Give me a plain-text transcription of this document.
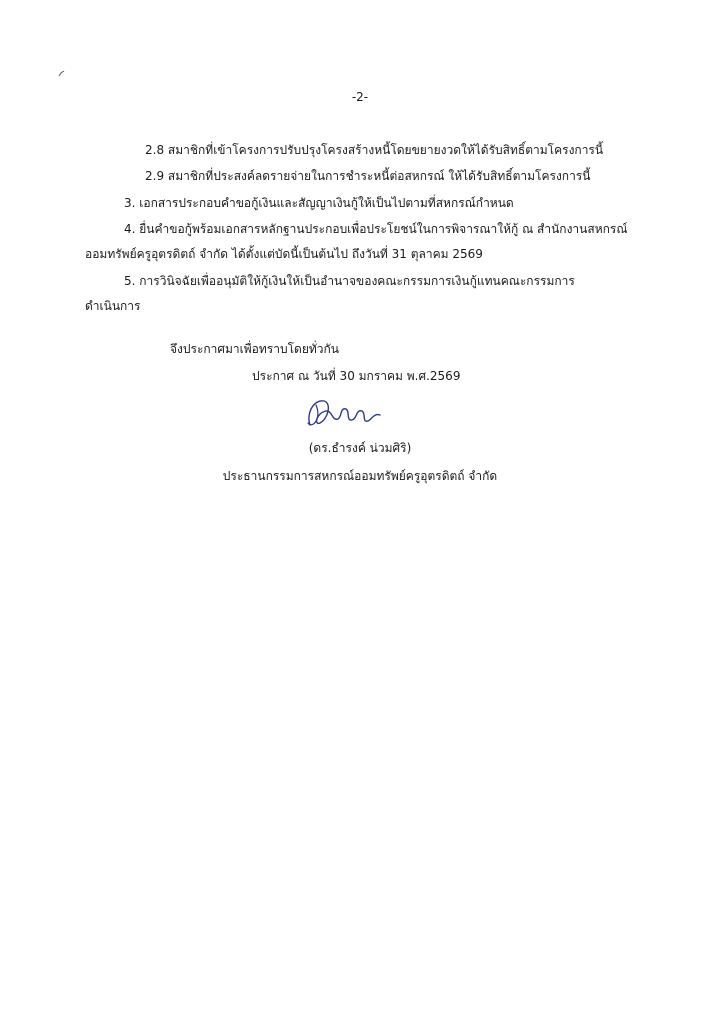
-2-
2.8 สมาชิกที่เข้าโครงการปรับปรุงโครงสร้างหนี้โดยขยายงวดให้ได้รับสิทธิ์ตามโครงการนี้
2.9 สมาชิกที่ประสงค์ลดรายจ่ายในการชำระหนี้ต่อสหกรณ์ ให้ได้รับสิทธิ์ตามโครงการนี้
3. เอกสารประกอบคำขอกู้เงินและสัญญาเงินกู้ให้เป็นไปตามที่สหกรณ์กำหนด
4. ยื่นคำขอกู้พร้อมเอกสารหลักฐานประกอบเพื่อประโยชน์ในการพิจารณาให้กู้ ณ สำนักงานสหกรณ์
ออมทรัพย์ครูอุตรดิตถ์ จำกัด ได้ตั้งแต่บัดนี้เป็นต้นไป ถึงวันที่ 31 ตุลาคม 2569
5. การวินิจฉัยเพื่ออนุมัติให้กู้เงินให้เป็นอำนาจของคณะกรรมการเงินกู้แทนคณะกรรมการ
ดำเนินการ
จึงประกาศมาเพื่อทราบโดยทั่วกัน
ประกาศ ณ วันที่ 30 มกราคม พ.ศ.2569
(ดร.ธำรงค์ น่วมศิริ)
ประธานกรรมการสหกรณ์ออมทรัพย์ครูอุตรดิตถ์ จำกัด
